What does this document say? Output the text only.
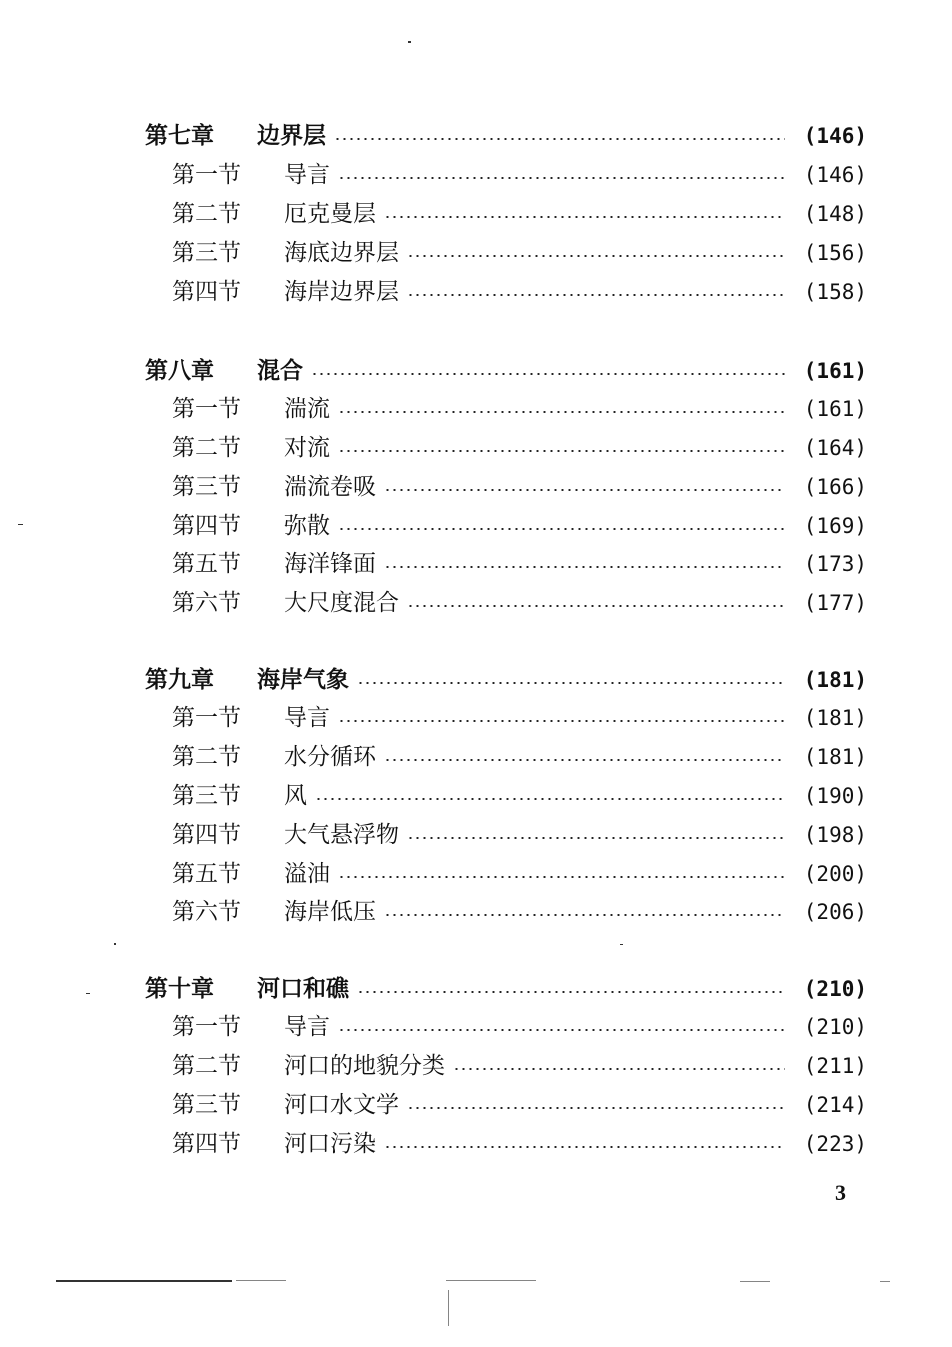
第七章	边界层	(146)
第一节	导言	(146)
第二节	厄克曼层	(148)
第三节	海底边界层	(156)
第四节	海岸边界层	(158)
第八章	混合	(161)
第一节	湍流	(161)
第二节	对流	(164)
第三节	湍流卷吸	(166)
第四节	弥散	(169)
第五节	海洋锋面	(173)
第六节	大尺度混合	(177)
第九章	海岸气象	(181)
第一节	导言	(181)
第二节	水分循环	(181)
第三节	风	(190)
第四节	大气悬浮物	(198)
第五节	溢油	(200)
第六节	海岸低压	(206)
第十章	河口和礁	(210)
第一节	导言	(210)
第二节	河口的地貌分类	(211)
第三节	河口水文学	(214)
第四节	河口污染	(223)
3
